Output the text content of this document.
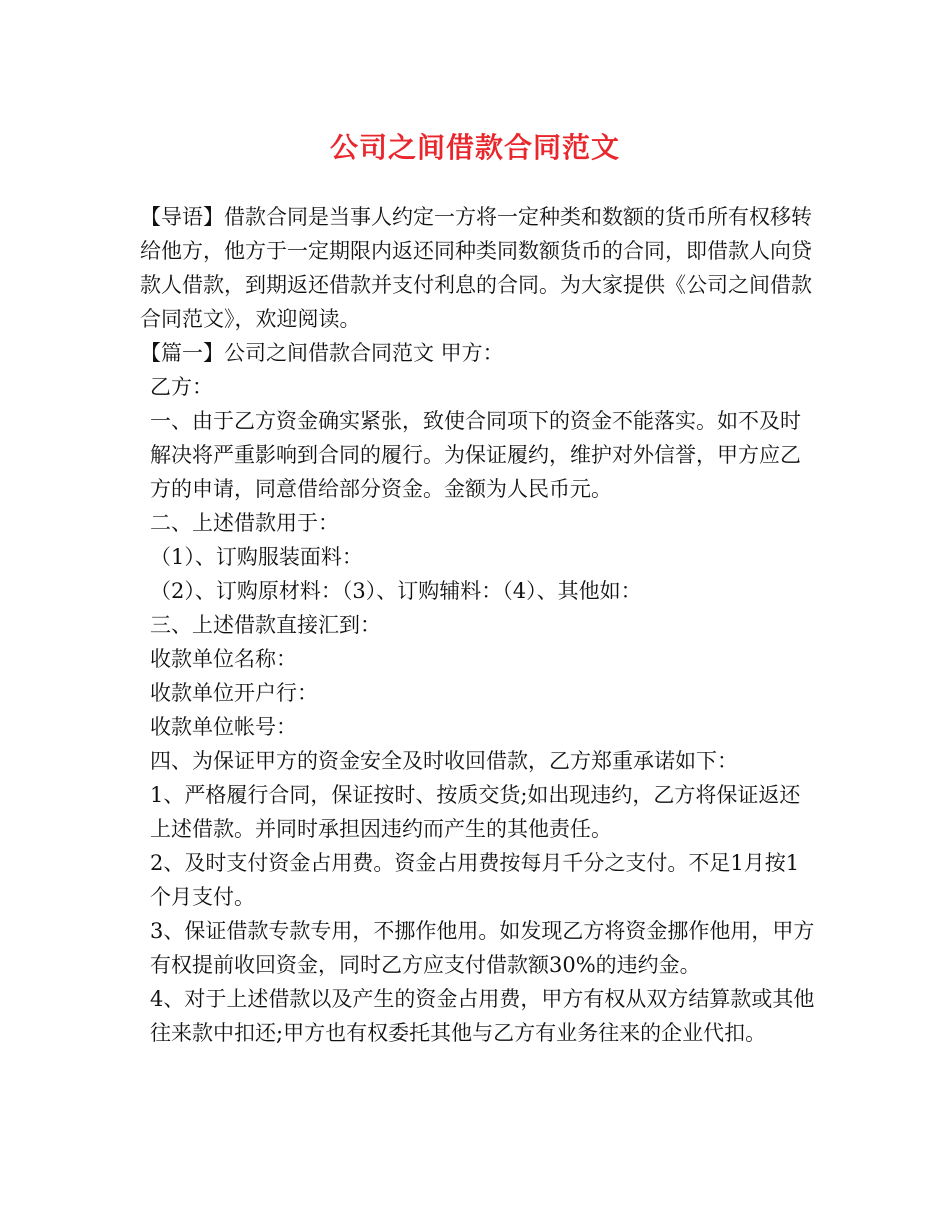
公司之间借款合同范文

【导语】借款合同是当事人约定一方将一定种类和数额的货币所有权移转给他方，他方于一定期限内返还同种类同数额货币的合同，即借款人向贷款人借款，到期返还借款并支付利息的合同。为大家提供《公司之间借款合同范文》，欢迎阅读。

【篇一】公司之间借款合同范文 甲方：

乙方：

一、由于乙方资金确实紧张，致使合同项下的资金不能落实。如不及时解决将严重影响到合同的履行。为保证履约，维护对外信誉，甲方应乙方的申请，同意借给部分资金。金额为人民币元。

二、上述借款用于：

（1）、订购服装面料：

（2）、订购原材料：（3）、订购辅料：（4）、其他如：

三、上述借款直接汇到：

收款单位名称：

收款单位开户行：

收款单位帐号：

四、为保证甲方的资金安全及时收回借款，乙方郑重承诺如下：

1、严格履行合同，保证按时、按质交货;如出现违约，乙方将保证返还上述借款。并同时承担因违约而产生的其他责任。

2、及时支付资金占用费。资金占用费按每月千分之支付。不足1月按1个月支付。

3、保证借款专款专用，不挪作他用。如发现乙方将资金挪作他用，甲方有权提前收回资金，同时乙方应支付借款额30%的违约金。

4、对于上述借款以及产生的资金占用费，甲方有权从双方结算款或其他往来款中扣还;甲方也有权委托其他与乙方有业务往来的企业代扣。
